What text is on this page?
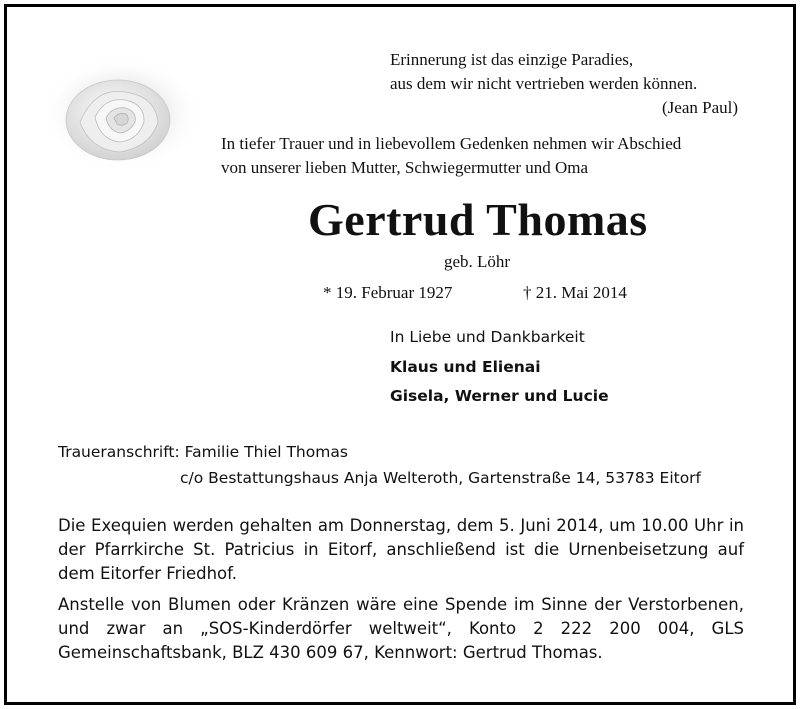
Erinnerung ist das einzige Paradies,
aus dem wir nicht vertrieben werden können.
(Jean Paul)
In tiefer Trauer und in liebevollem Gedenken nehmen wir Abschied
von unserer lieben Mutter, Schwiegermutter und Oma
Gertrud Thomas
geb. Löhr
* 19. Februar 1927	† 21. Mai 2014
In Liebe und Dankbarkeit
Klaus und Elienai
Gisela, Werner und Lucie
Traueranschrift: Familie Thiel Thomas
c/o Bestattungshaus Anja Welteroth, Gartenstraße 14, 53783 Eitorf
Die Exequien werden gehalten am Donnerstag, dem 5. Juni 2014, um 10.00 Uhr in der Pfarrkirche St. Patricius in Eitorf, anschließend ist die Urnenbeisetzung auf dem Eitorfer Friedhof.
Anstelle von Blumen oder Kränzen wäre eine Spende im Sinne der Verstorbenen, und zwar an „SOS-Kinderdörfer weltweit“, Konto 2 222 200 004, GLS Gemeinschaftsbank, BLZ 430 609 67, Kennwort: Gertrud Thomas.
